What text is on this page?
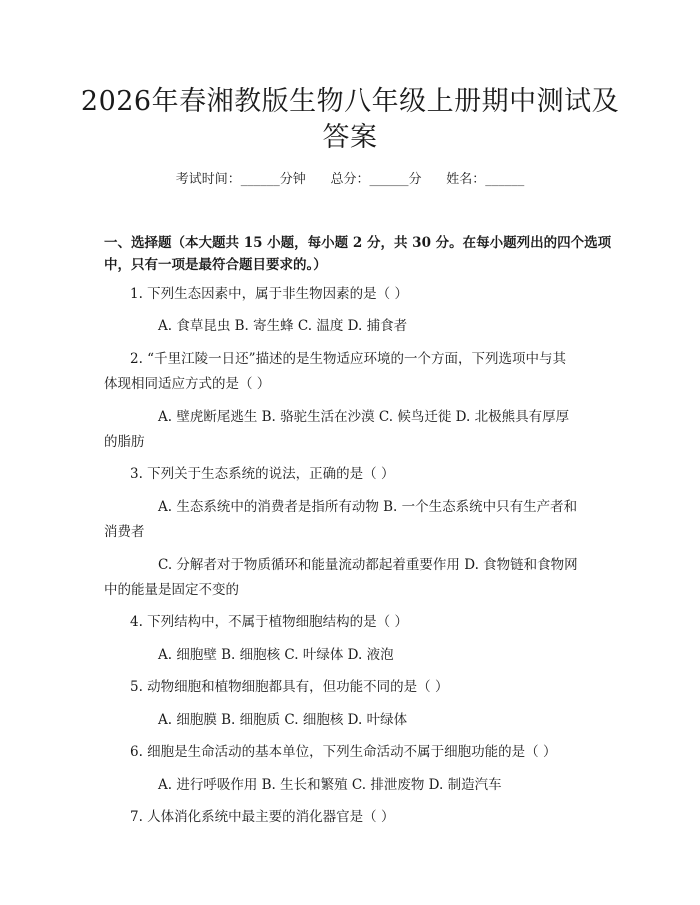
2026年春湘教版生物八年级上册期中测试及答案
考试时间：______分钟      总分：______分      姓名：______
一、选择题（本大题共 15 小题，每小题 2 分，共 30 分。在每小题列出的四个选项中，只有一项是最符合题目要求的。）
1. 下列生态因素中，属于非生物因素的是（ ）
A. 食草昆虫 B. 寄生蜂 C. 温度 D. 捕食者
2. “千里江陵一日还”描述的是生物适应环境的一个方面，下列选项中与其
体现相同适应方式的是（ ）
A. 壁虎断尾逃生 B. 骆驼生活在沙漠 C. 候鸟迁徙 D. 北极熊具有厚厚
的脂肪
3. 下列关于生态系统的说法，正确的是（ ）
A. 生态系统中的消费者是指所有动物 B. 一个生态系统中只有生产者和
消费者
C. 分解者对于物质循环和能量流动都起着重要作用 D. 食物链和食物网
中的能量是固定不变的
4. 下列结构中，不属于植物细胞结构的是（ ）
A. 细胞壁 B. 细胞核 C. 叶绿体 D. 液泡
5. 动物细胞和植物细胞都具有，但功能不同的是（ ）
A. 细胞膜 B. 细胞质 C. 细胞核 D. 叶绿体
6. 细胞是生命活动的基本单位，下列生命活动不属于细胞功能的是（ ）
A. 进行呼吸作用 B. 生长和繁殖 C. 排泄废物 D. 制造汽车
7. 人体消化系统中最主要的消化器官是（ ）
